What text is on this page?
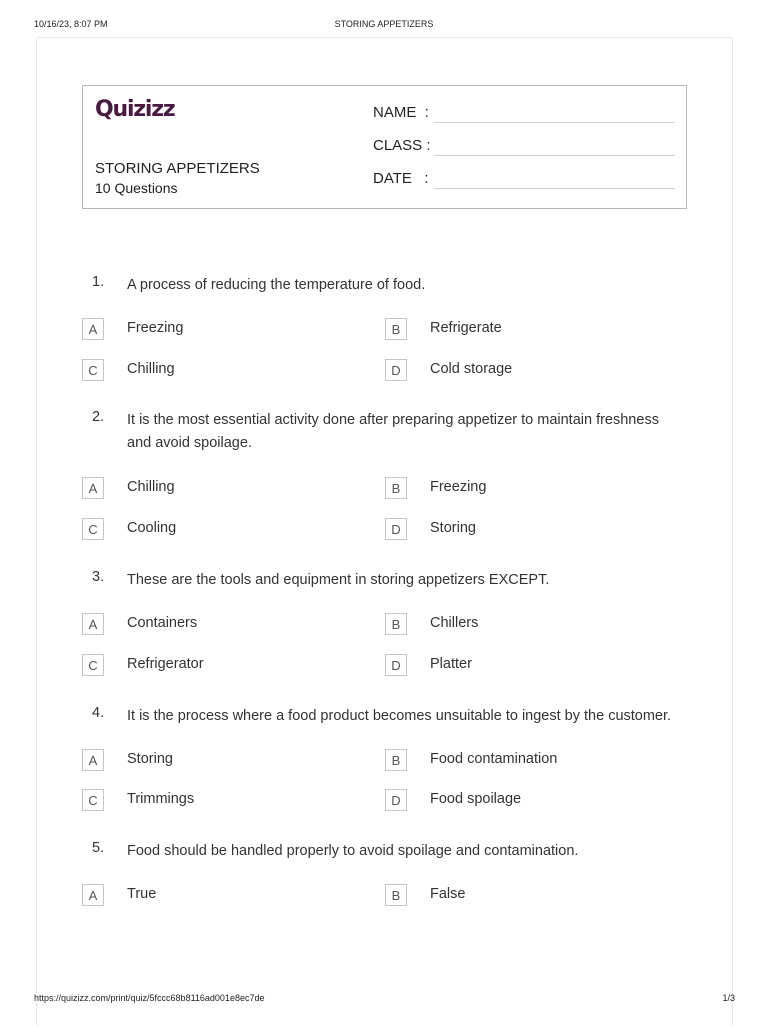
10/16/23, 8:07 PM	STORING APPETIZERS
Quizizz
STORING APPETIZERS
10 Questions
NAME  :
CLASS :
DATE   :
1. A process of reducing the temperature of food.
A	Freezing	B	Refrigerate
C	Chilling	D	Cold storage
2. It is the most essential activity done after preparing appetizer to maintain freshness and avoid spoilage.
A	Chilling	B	Freezing
C	Cooling	D	Storing
3. These are the tools and equipment in storing appetizers EXCEPT.
A	Containers	B	Chillers
C	Refrigerator	D	Platter
4. It is the process where a food product becomes unsuitable to ingest by the customer.
A	Storing	B	Food contamination
C	Trimmings	D	Food spoilage
5. Food should be handled properly to avoid spoilage and contamination.
A	True	B	False
https://quizizz.com/print/quiz/5fccc68b8116ad001e8ec7de	1/3
